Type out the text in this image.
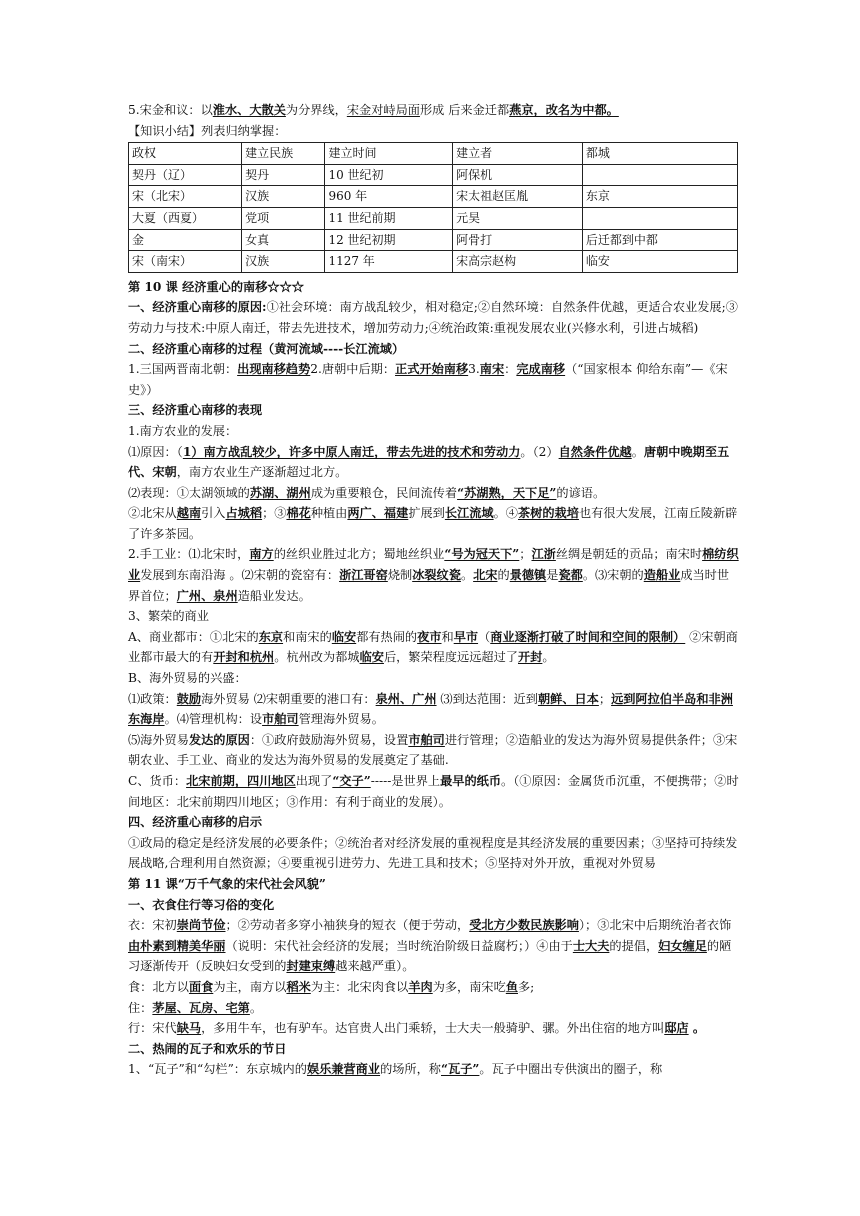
5.宋金和议：以淮水、大散关为分界线，宋金对峙局面形成 后来金迁都燕京，改名为中都。
【知识小结】列表归纳掌握：
政权	建立民族	建立时间	建立者	都城
契丹（辽）	契丹	10 世纪初	阿保机	
宋（北宋）	汉族	960 年	宋太祖赵匡胤	东京
大夏（西夏）	党项	11 世纪前期	元昊	
金	女真	12 世纪初期	阿骨打	后迁都到中都
宋（南宋）	汉族	1127 年	宋高宗赵构	临安
第 10 课 经济重心的南移☆☆☆
一、经济重心南移的原因:①社会环境：南方战乱较少，相对稳定;②自然环境：自然条件优越，更适合农业发展;③劳动力与技术:中原人南迁，带去先进技术，增加劳动力;④统治政策:重视发展农业(兴修水利，引进占城稻)
二、经济重心南移的过程（黄河流域----长江流域）
1.三国两晋南北朝：出现南移趋势2.唐朝中后期：正式开始南移3.南宋：完成南移（“国家根本 仰给东南”—《宋史》）
三、经济重心南移的表现
1.南方农业的发展：
⑴原因：（1）南方战乱较少，许多中原人南迁，带去先进的技术和劳动力。（2）自然条件优越。唐朝中晚期至五代、宋朝，南方农业生产逐渐超过北方。
⑵表现：①太湖领域的苏湖、湖州成为重要粮仓，民间流传着“苏湖熟，天下足”的谚语。
②北宋从越南引入占城稻；③棉花种植由两广、福建扩展到长江流域。④茶树的栽培也有很大发展，江南丘陵新辟了许多茶园。
2.手工业：⑴北宋时，南方的丝织业胜过北方；蜀地丝织业“号为冠天下”；江浙丝绸是朝廷的贡品；南宋时棉纺织业发展到东南沿海 。⑵宋朝的瓷窑有：浙江哥窑烧制冰裂纹瓷。北宋的景德镇是瓷都。⑶宋朝的造船业成当时世界首位；广州、泉州造船业发达。
3、繁荣的商业
A、商业都市：①北宋的东京和南宋的临安都有热闹的夜市和早市（商业逐渐打破了时间和空间的限制） ②宋朝商业都市最大的有开封和杭州。杭州改为都城临安后，繁荣程度远远超过了开封。
B、海外贸易的兴盛：
⑴政策：鼓励海外贸易 ⑵宋朝重要的港口有：泉州、广州 ⑶到达范围：近到朝鲜、日本；远到阿拉伯半岛和非洲东海岸。⑷管理机构：设市舶司管理海外贸易。
⑸海外贸易发达的原因：①政府鼓励海外贸易，设置市舶司进行管理；②造船业的发达为海外贸易提供条件；③宋朝农业、手工业、商业的发达为海外贸易的发展奠定了基础.
C、货币：北宋前期，四川地区出现了“交子”-----是世界上最早的纸币。（①原因：金属货币沉重，不便携带；②时间地区：北宋前期四川地区；③作用：有利于商业的发展）。
四、经济重心南移的启示
①政局的稳定是经济发展的必要条件；②统治者对经济发展的重视程度是其经济发展的重要因素；③坚持可持续发展战略,合理利用自然资源；④要重视引进劳力、先进工具和技术；⑤坚持对外开放，重视对外贸易
第 11 课“万千气象的宋代社会风貌”
一、衣食住行等习俗的变化
衣：宋初崇尚节俭；②劳动者多穿小袖狭身的短衣（便于劳动，受北方少数民族影响）；③北宋中后期统治者衣饰由朴素到精美华丽（说明：宋代社会经济的发展；当时统治阶级日益腐朽；）④由于士大夫的提倡，妇女缠足的陋习逐渐传开（反映妇女受到的封建束缚越来越严重）。
食：北方以面食为主，南方以稻米为主：北宋肉食以羊肉为多，南宋吃鱼多;
住：茅屋、瓦房、宅第。
行：宋代缺马，多用牛车，也有驴车。达官贵人出门乘轿，士大夫一般骑驴、骡。外出住宿的地方叫邸店 。
二、热闹的瓦子和欢乐的节日
1、“瓦子”和“勾栏”：东京城内的娱乐兼营商业的场所，称“瓦子”。瓦子中圈出专供演出的圈子，称
